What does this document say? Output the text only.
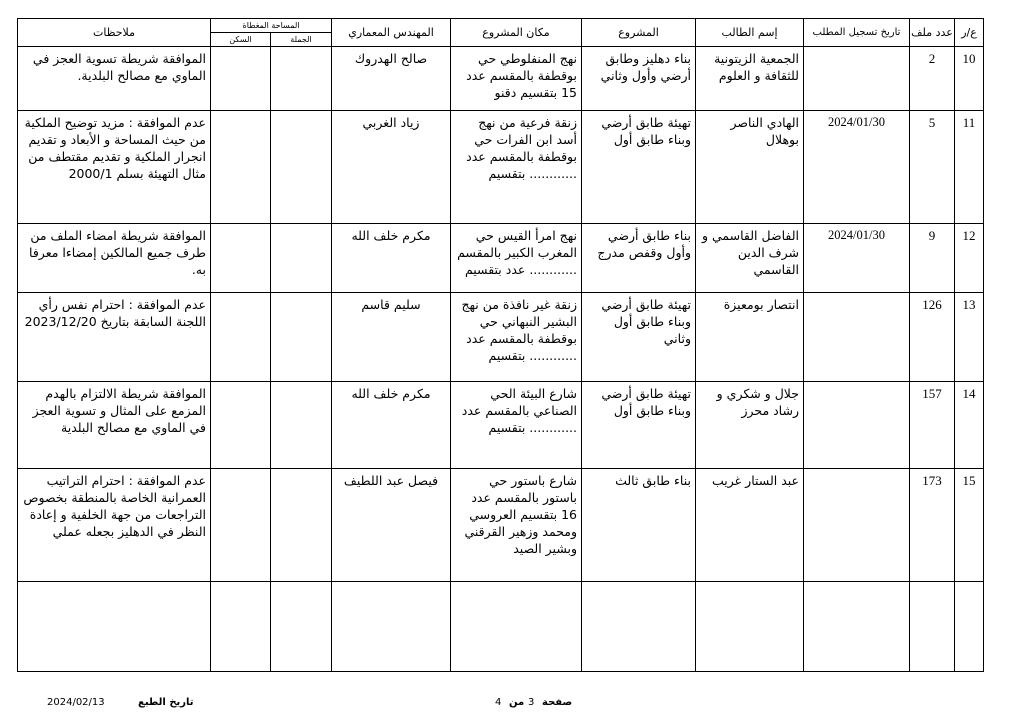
ع/ر	عدد ملف	تاريخ تسجيل المطلب	إسم الطالب	المشروع	مكان المشروع	المهندس المعماري	المساحة المغطاة		ملاحظات
							الجملة	السكن	
10	2		الجمعية الزيتونية للثقافة و العلوم	بناء دهليز وطابق أرضي وأول وثاني	نهج المنفلوطي حي بوقطفة بالمقسم عدد 15 بتقسيم دقنو	صالح الهدروك			الموافقة شريطة تسوية العجز في الماوي مع مصالح البلدية.

11	5	2024/01/30	الهادي الناصر بوهلال	تهيئة طابق أرضي وبناء طابق أول	زنقة فرعية من نهج أسد ابن الفرات حي بوقطفة بالمقسم عدد ............ بتقسيم	زياد الغربي			عدم الموافقة : مزيد توضيح الملكية من حيث المساحة و الأبعاد و تقديم انجرار الملكية و تقديم مقتطف من مثال التهيئة بسلم 2000/1

12	9	2024/01/30	الفاضل القاسمي و شرف الدين القاسمي	بناء طابق أرضي وأول وقفص مدرج	نهج امرأ القيس حي المغرب الكبير بالمقسم ............ عدد بتقسيم	مكرم خلف الله			الموافقة شريطة امضاء الملف من طرف جميع المالكين إمضاءا معرفا به.

13	126		انتصار بومعيزة	تهيئة طابق أرضي وبناء طابق أول وثاني	زنقة غير نافذة من نهج البشير النبهاني حي بوقطفة بالمقسم عدد ............ بتقسيم	سليم قاسم			عدم الموافقة : احترام نفس رأي اللجنة السابقة بتاريخ 2023/12/20

14	157		جلال و شكري و رشاد محرز	تهيئة طابق أرضي وبناء طابق أول	شارع البيئة الحي الصناعي بالمقسم عدد ............ بتقسيم	مكرم خلف الله			الموافقة شريطة الالتزام بالهدم المزمع على المثال و تسوية العجز في الماوي مع مصالح البلدية

15	173		عبد الستار غريب	بناء طابق ثالث	شارع باستور حي باستور بالمقسم عدد 16 بتقسيم العروسي ومحمد وزهير القرقني وبشير الصيد	فيصل عبد اللطيف			عدم الموافقة : احترام التراتيب العمرانية الخاصة بالمنطقة بخصوص التراجعات من جهة الخلفية و إعادة النظر في الدهليز بجعله عملي

صفحة
3
من
4
تاريخ الطبع
2024/02/13
